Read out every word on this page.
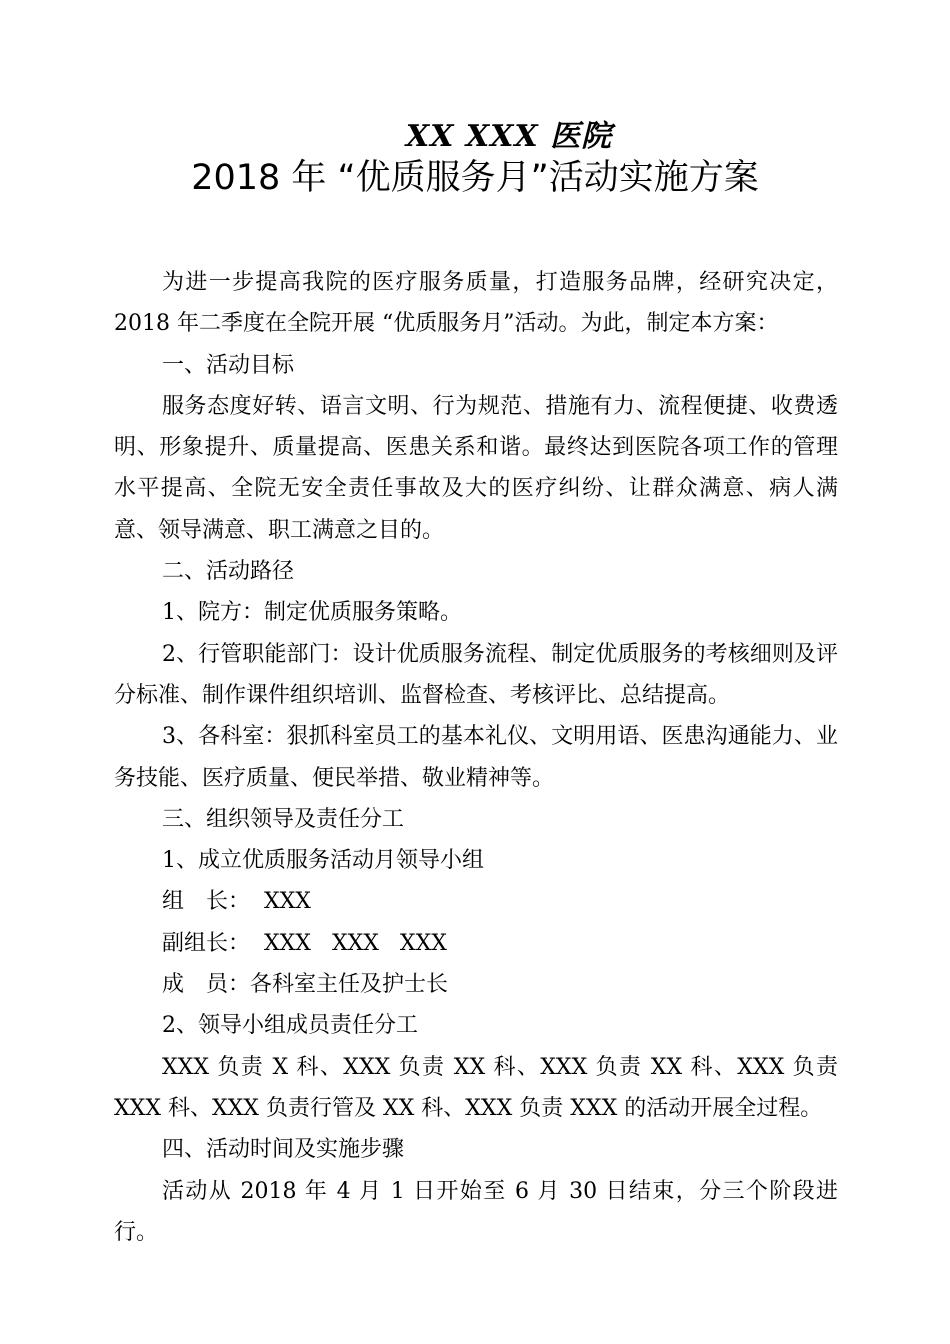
XX XXX 医院
2018 年 “优质服务月”活动实施方案

为进一步提高我院的医疗服务质量，打造服务品牌，经研究决定，2018 年二季度在全院开展 “优质服务月”活动。为此，制定本方案：

一、活动目标

服务态度好转、语言文明、行为规范、措施有力、流程便捷、收费透明、形象提升、质量提高、医患关系和谐。最终达到医院各项工作的管理水平提高、全院无安全责任事故及大的医疗纠纷、让群众满意、病人满意、领导满意、职工满意之目的。

二、活动路径

1、院方：制定优质服务策略。

2、行管职能部门：设计优质服务流程、制定优质服务的考核细则及评分标准、制作课件组织培训、监督检查、考核评比、总结提高。

3、各科室：狠抓科室员工的基本礼仪、文明用语、医患沟通能力、业务技能、医疗质量、便民举措、敬业精神等。

三、组织领导及责任分工

1、成立优质服务活动月领导小组

组　长：  XXX

副组长：  XXX   XXX   XXX

成　员：各科室主任及护士长

2、领导小组成员责任分工

XXX 负责 X 科、XXX 负责 XX 科、XXX 负责 XX 科、XXX 负责 XXX 科、XXX 负责行管及 XX 科、XXX 负责 XXX 的活动开展全过程。

四、活动时间及实施步骤

活动从 2018 年 4 月 1 日开始至 6 月 30 日结束，分三个阶段进行。
